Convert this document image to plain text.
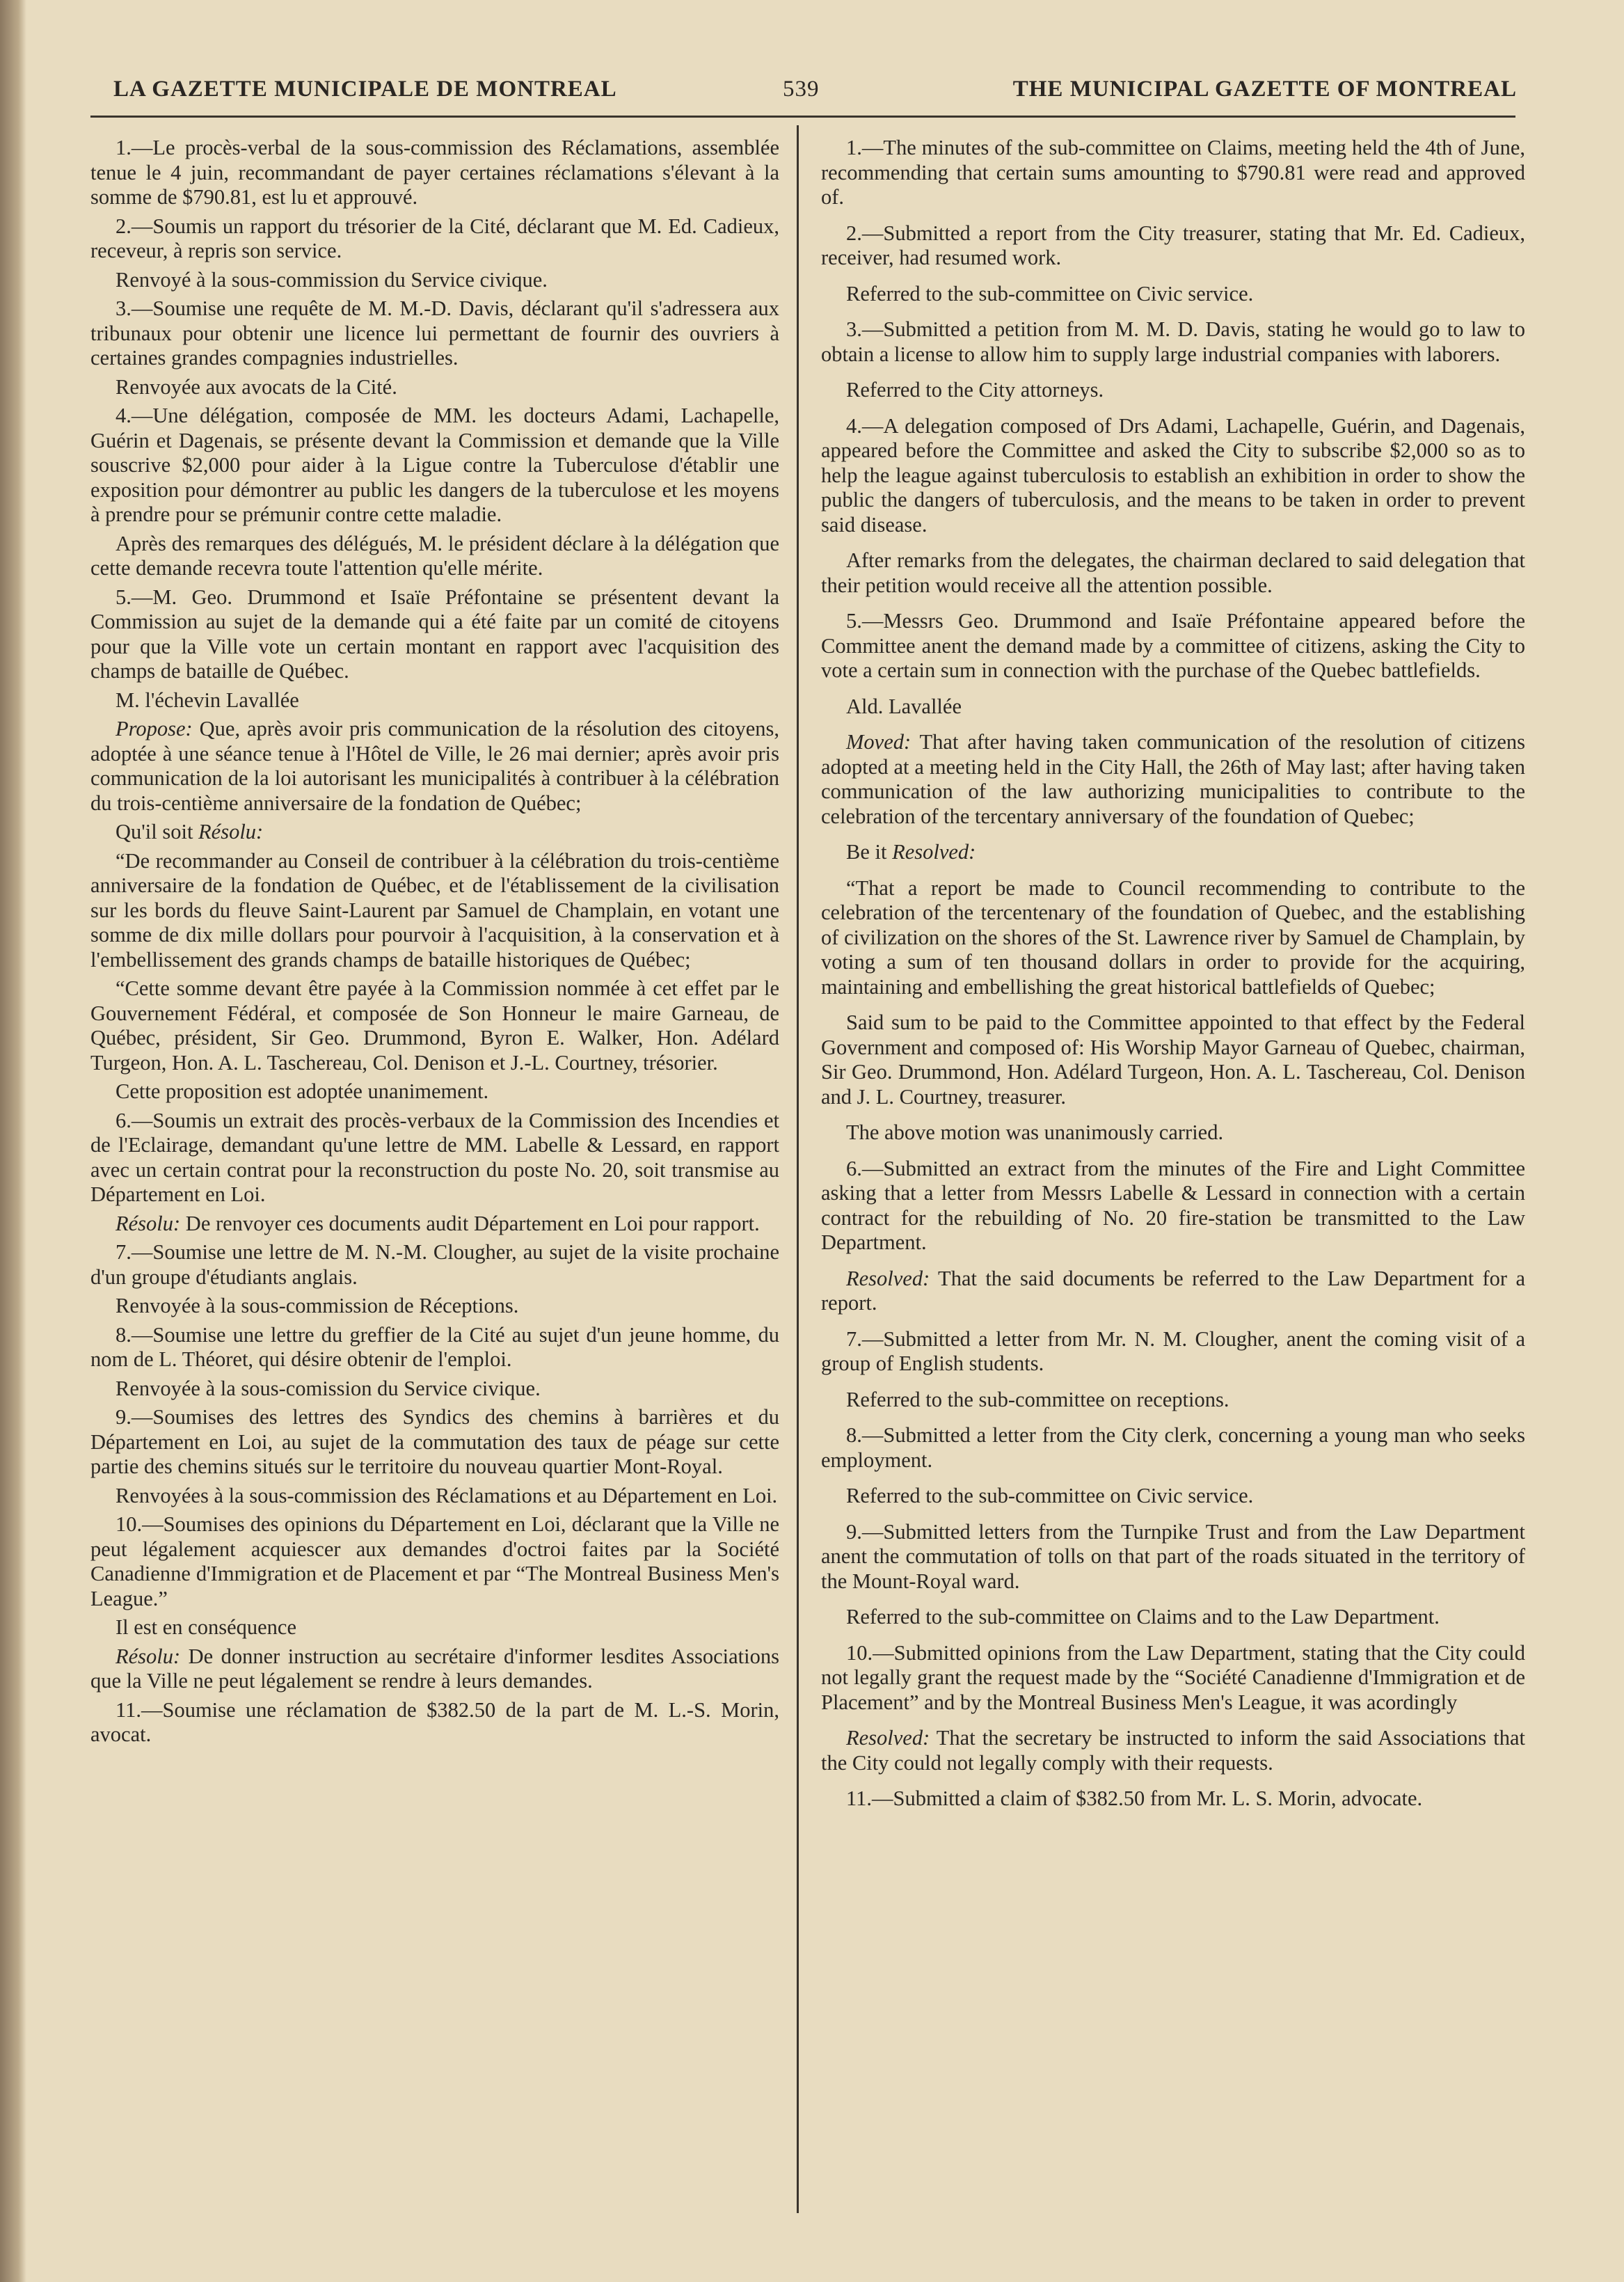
LA GAZETTE MUNICIPALE DE MONTREAL	539	THE MUNICIPAL GAZETTE OF MONTREAL

1.—Le procès-verbal de la sous-commission des Réclamations, assemblée tenue le 4 juin, recommandant de payer certaines réclamations s'élevant à la somme de $790.81, est lu et approuvé.

2.—Soumis un rapport du trésorier de la Cité, déclarant que M. Ed. Cadieux, receveur, à repris son service.

Renvoyé à la sous-commission du Service civique.

3.—Soumise une requête de M. M.-D. Davis, déclarant qu'il s'adressera aux tribunaux pour obtenir une licence lui permettant de fournir des ouvriers à certaines grandes compagnies industrielles.

Renvoyée aux avocats de la Cité.

4.—Une délégation, composée de MM. les docteurs Adami, Lachapelle, Guérin et Dagenais, se présente devant la Commission et demande que la Ville souscrive $2,000 pour aider à la Ligue contre la Tuberculose d'établir une exposition pour démontrer au public les dangers de la tuberculose et les moyens à prendre pour se prémunir contre cette maladie.

Après des remarques des délégués, M. le président déclare à la délégation que cette demande recevra toute l'attention qu'elle mérite.

5.—M. Geo. Drummond et Isaïe Préfontaine se présentent devant la Commission au sujet de la demande qui a été faite par un comité de citoyens pour que la Ville vote un certain montant en rapport avec l'acquisition des champs de bataille de Québec.

M. l'échevin Lavallée

Propose: Que, après avoir pris communication de la résolution des citoyens, adoptée à une séance tenue à l'Hôtel de Ville, le 26 mai dernier; après avoir pris communication de la loi autorisant les municipalités à contribuer à la célébration du trois-centième anniversaire de la fondation de Québec;

Qu'il soit Résolu:

“De recommander au Conseil de contribuer à la célébration du trois-centième anniversaire de la fondation de Québec, et de l'établissement de la civilisation sur les bords du fleuve Saint-Laurent par Samuel de Champlain, en votant une somme de dix mille dollars pour pourvoir à l'acquisition, à la conservation et à l'embellissement des grands champs de bataille historiques de Québec;

“Cette somme devant être payée à la Commission nommée à cet effet par le Gouvernement Fédéral, et composée de Son Honneur le maire Garneau, de Québec, président, Sir Geo. Drummond, Byron E. Walker, Hon. Adélard Turgeon, Hon. A. L. Taschereau, Col. Denison et J.-L. Courtney, trésorier.

Cette proposition est adoptée unanimement.

6.—Soumis un extrait des procès-verbaux de la Commission des Incendies et de l'Eclairage, demandant qu'une lettre de MM. Labelle & Lessard, en rapport avec un certain contrat pour la reconstruction du poste No. 20, soit transmise au Département en Loi.

Résolu: De renvoyer ces documents audit Département en Loi pour rapport.

7.—Soumise une lettre de M. N.-M. Clougher, au sujet de la visite prochaine d'un groupe d'étudiants anglais.

Renvoyée à la sous-commission de Réceptions.

8.—Soumise une lettre du greffier de la Cité au sujet d'un jeune homme, du nom de L. Théoret, qui désire obtenir de l'emploi.

Renvoyée à la sous-comission du Service civique.

9.—Soumises des lettres des Syndics des chemins à barrières et du Département en Loi, au sujet de la commutation des taux de péage sur cette partie des chemins situés sur le territoire du nouveau quartier Mont-Royal.

Renvoyées à la sous-commission des Réclamations et au Département en Loi.

10.—Soumises des opinions du Département en Loi, déclarant que la Ville ne peut légalement acquiescer aux demandes d'octroi faites par la Société Canadienne d'Immigration et de Placement et par “The Montreal Business Men's League.”

Il est en conséquence

Résolu: De donner instruction au secrétaire d'informer lesdites Associations que la Ville ne peut légalement se rendre à leurs demandes.

11.—Soumise une réclamation de $382.50 de la part de M. L.-S. Morin, avocat.

1.—The minutes of the sub-committee on Claims, meeting held the 4th of June, recommending that certain sums amounting to $790.81 were read and approved of.

2.—Submitted a report from the City treasurer, stating that Mr. Ed. Cadieux, receiver, had resumed work.

Referred to the sub-committee on Civic service.

3.—Submitted a petition from M. M. D. Davis, stating he would go to law to obtain a license to allow him to supply large industrial companies with laborers.

Referred to the City attorneys.

4.—A delegation composed of Drs Adami, Lachapelle, Guérin, and Dagenais, appeared before the Committee and asked the City to subscribe $2,000 so as to help the league against tuberculosis to establish an exhibition in order to show the public the dangers of tuberculosis, and the means to be taken in order to prevent said disease.

After remarks from the delegates, the chairman declared to said delegation that their petition would receive all the attention possible.

5.—Messrs Geo. Drummond and Isaïe Préfontaine appeared before the Committee anent the demand made by a committee of citizens, asking the City to vote a certain sum in connection with the purchase of the Quebec battlefields.

Ald. Lavallée

Moved: That after having taken communication of the resolution of citizens adopted at a meeting held in the City Hall, the 26th of May last; after having taken communication of the law authorizing municipalities to contribute to the celebration of the tercentary anniversary of the foundation of Quebec;

Be it Resolved:

“That a report be made to Council recommending to contribute to the celebration of the tercentenary of the foundation of Quebec, and the establishing of civilization on the shores of the St. Lawrence river by Samuel de Champlain, by voting a sum of ten thousand dollars in order to provide for the acquiring, maintaining and embellishing the great historical battlefields of Quebec;

Said sum to be paid to the Committee appointed to that effect by the Federal Government and composed of: His Worship Mayor Garneau of Quebec, chairman, Sir Geo. Drummond, Hon. Adélard Turgeon, Hon. A. L. Taschereau, Col. Denison and J. L. Courtney, treasurer.

The above motion was unanimously carried.

6.—Submitted an extract from the minutes of the Fire and Light Committee asking that a letter from Messrs Labelle & Lessard in connection with a certain contract for the rebuilding of No. 20 fire-station be transmitted to the Law Department.

Resolved: That the said documents be referred to the Law Department for a report.

7.—Submitted a letter from Mr. N. M. Clougher, anent the coming visit of a group of English students.

Referred to the sub-committee on receptions.

8.—Submitted a letter from the City clerk, concerning a young man who seeks employment.

Referred to the sub-committee on Civic service.

9.—Submitted letters from the Turnpike Trust and from the Law Department anent the commutation of tolls on that part of the roads situated in the territory of the Mount-Royal ward.

Referred to the sub-committee on Claims and to the Law Department.

10.—Submitted opinions from the Law Department, stating that the City could not legally grant the request made by the “Société Canadienne d'Immigration et de Placement” and by the Montreal Business Men's League, it was acordingly

Resolved: That the secretary be instructed to inform the said Associations that the City could not legally comply with their requests.

11.—Submitted a claim of $382.50 from Mr. L. S. Morin, advocate.
